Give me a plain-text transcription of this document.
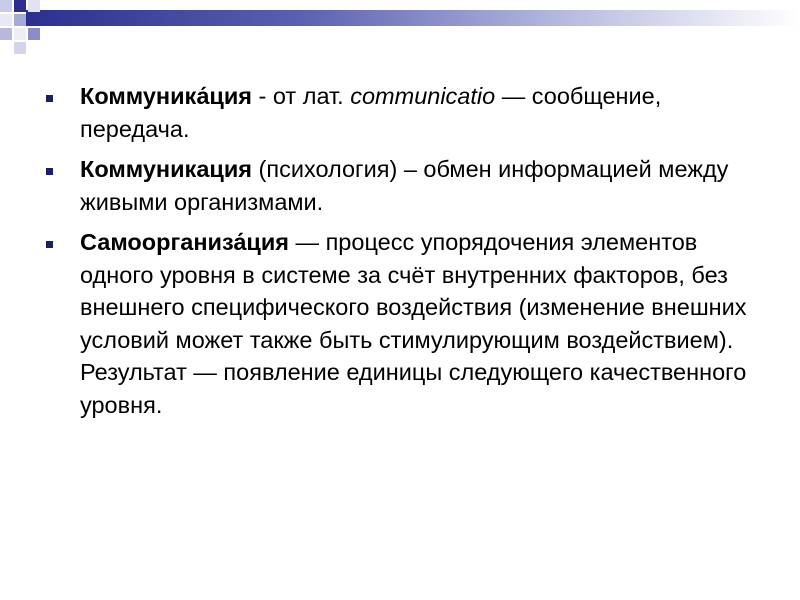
Коммуника́ция - от лат. communicatio — сообщение, передача.
Коммуникация (психология) – обмен информацией между живыми организмами.
Самоорганиза́ция — процесс упорядочения элементов одного уровня в системе за счёт внутренних факторов, без внешнего специфического воздействия (изменение внешних условий может также быть стимулирующим воздействием). Результат — появление единицы следующего качественного уровня.
